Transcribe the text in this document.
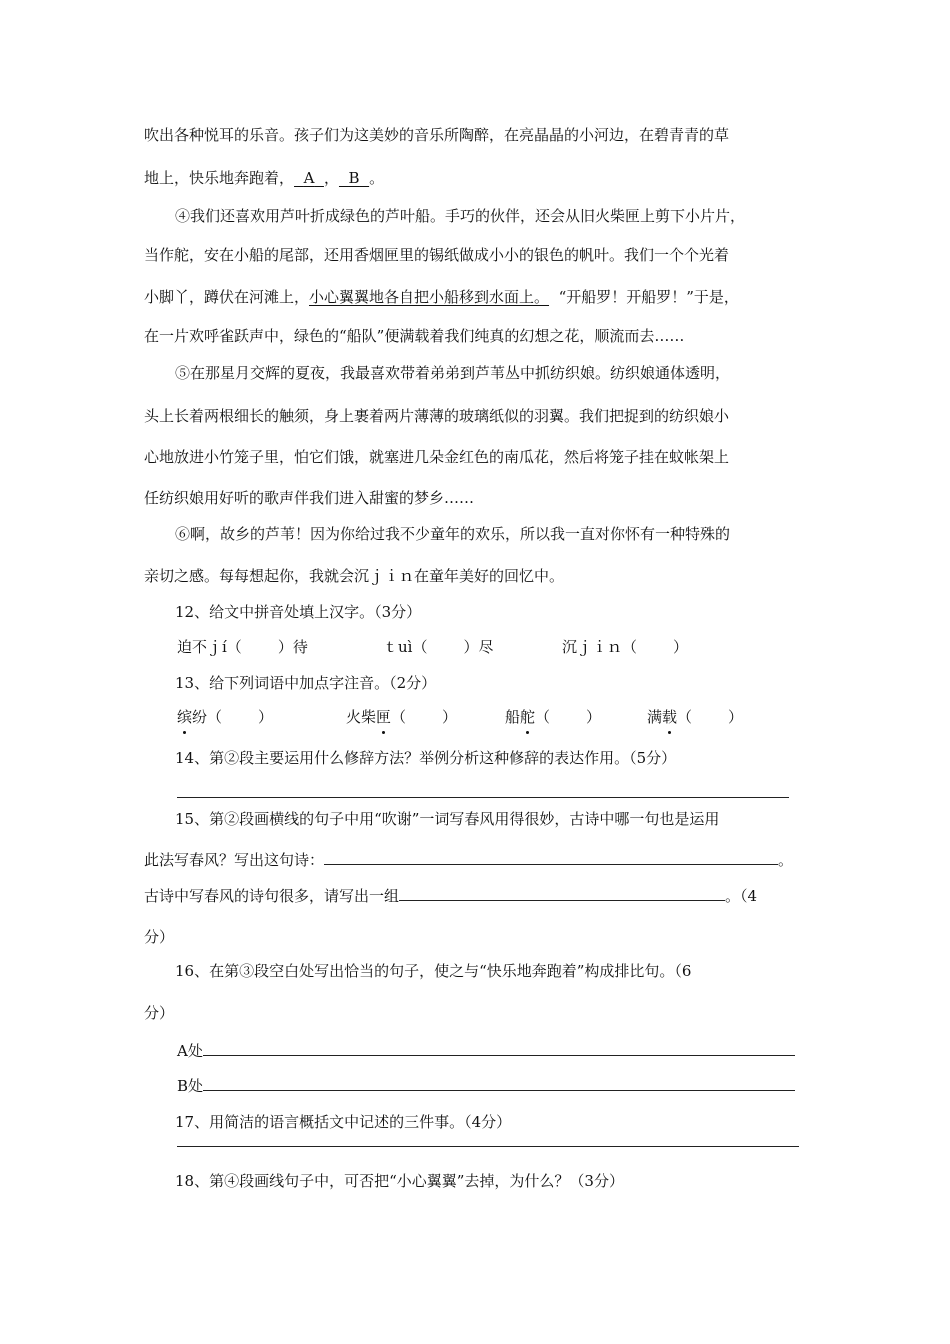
吹出各种悦耳的乐音。孩子们为这美妙的音乐所陶醉，在亮晶晶的小河边，在碧青青的草
地上，快乐地奔跑着， A ， B 。
④我们还喜欢用芦叶折成绿色的芦叶船。手巧的伙伴，还会从旧火柴匣上剪下小片片，
当作舵，安在小船的尾部，还用香烟匣里的锡纸做成小小的银色的帆叶。我们一个个光着
小脚丫，蹲伏在河滩上，小心翼翼地各自把小船移到水面上。 “开船罗！开船罗！”于是，
在一片欢呼雀跃声中，绿色的“船队”便满载着我们纯真的幻想之花，顺流而去……
⑤在那星月交辉的夏夜，我最喜欢带着弟弟到芦苇丛中抓纺织娘。纺织娘通体透明，
头上长着两根细长的触须，身上裹着两片薄薄的玻璃纸似的羽翼。我们把捉到的纺织娘小
心地放进小竹笼子里，怕它们饿，就塞进几朵金红色的南瓜花，然后将笼子挂在蚊帐架上
任纺织娘用好听的歌声伴我们进入甜蜜的梦乡……
⑥啊，故乡的芦苇！因为你给过我不少童年的欢乐，所以我一直对你怀有一种特殊的
亲切之感。每每想起你，我就会沉ｊｉｎ在童年美好的回忆中。
12、给文中拼音处填上汉字。（3分）
迫不ｊí（ ）待	ｔuì（ ）尽	沉ｊｉｎ（ ）
13、给下列词语中加点字注音。（2分）
缤纷（ ）	火柴匣（ ）	船舵（ ）	满载（ ）
14、第②段主要运用什么修辞方法？举例分析这种修辞的表达作用。（5分）
15、第②段画横线的句子中用“吹谢”一词写春风用得很妙，古诗中哪一句也是运用
此法写春风？写出这句诗：	。
古诗中写春风的诗句很多，请写出一组	。（4
分）
16、在第③段空白处写出恰当的句子，使之与“快乐地奔跑着”构成排比句。（6
分）
A处
B处
17、用简洁的语言概括文中记述的三件事。（4分）
18、第④段画线句子中，可否把“小心翼翼”去掉，为什么？（3分）
